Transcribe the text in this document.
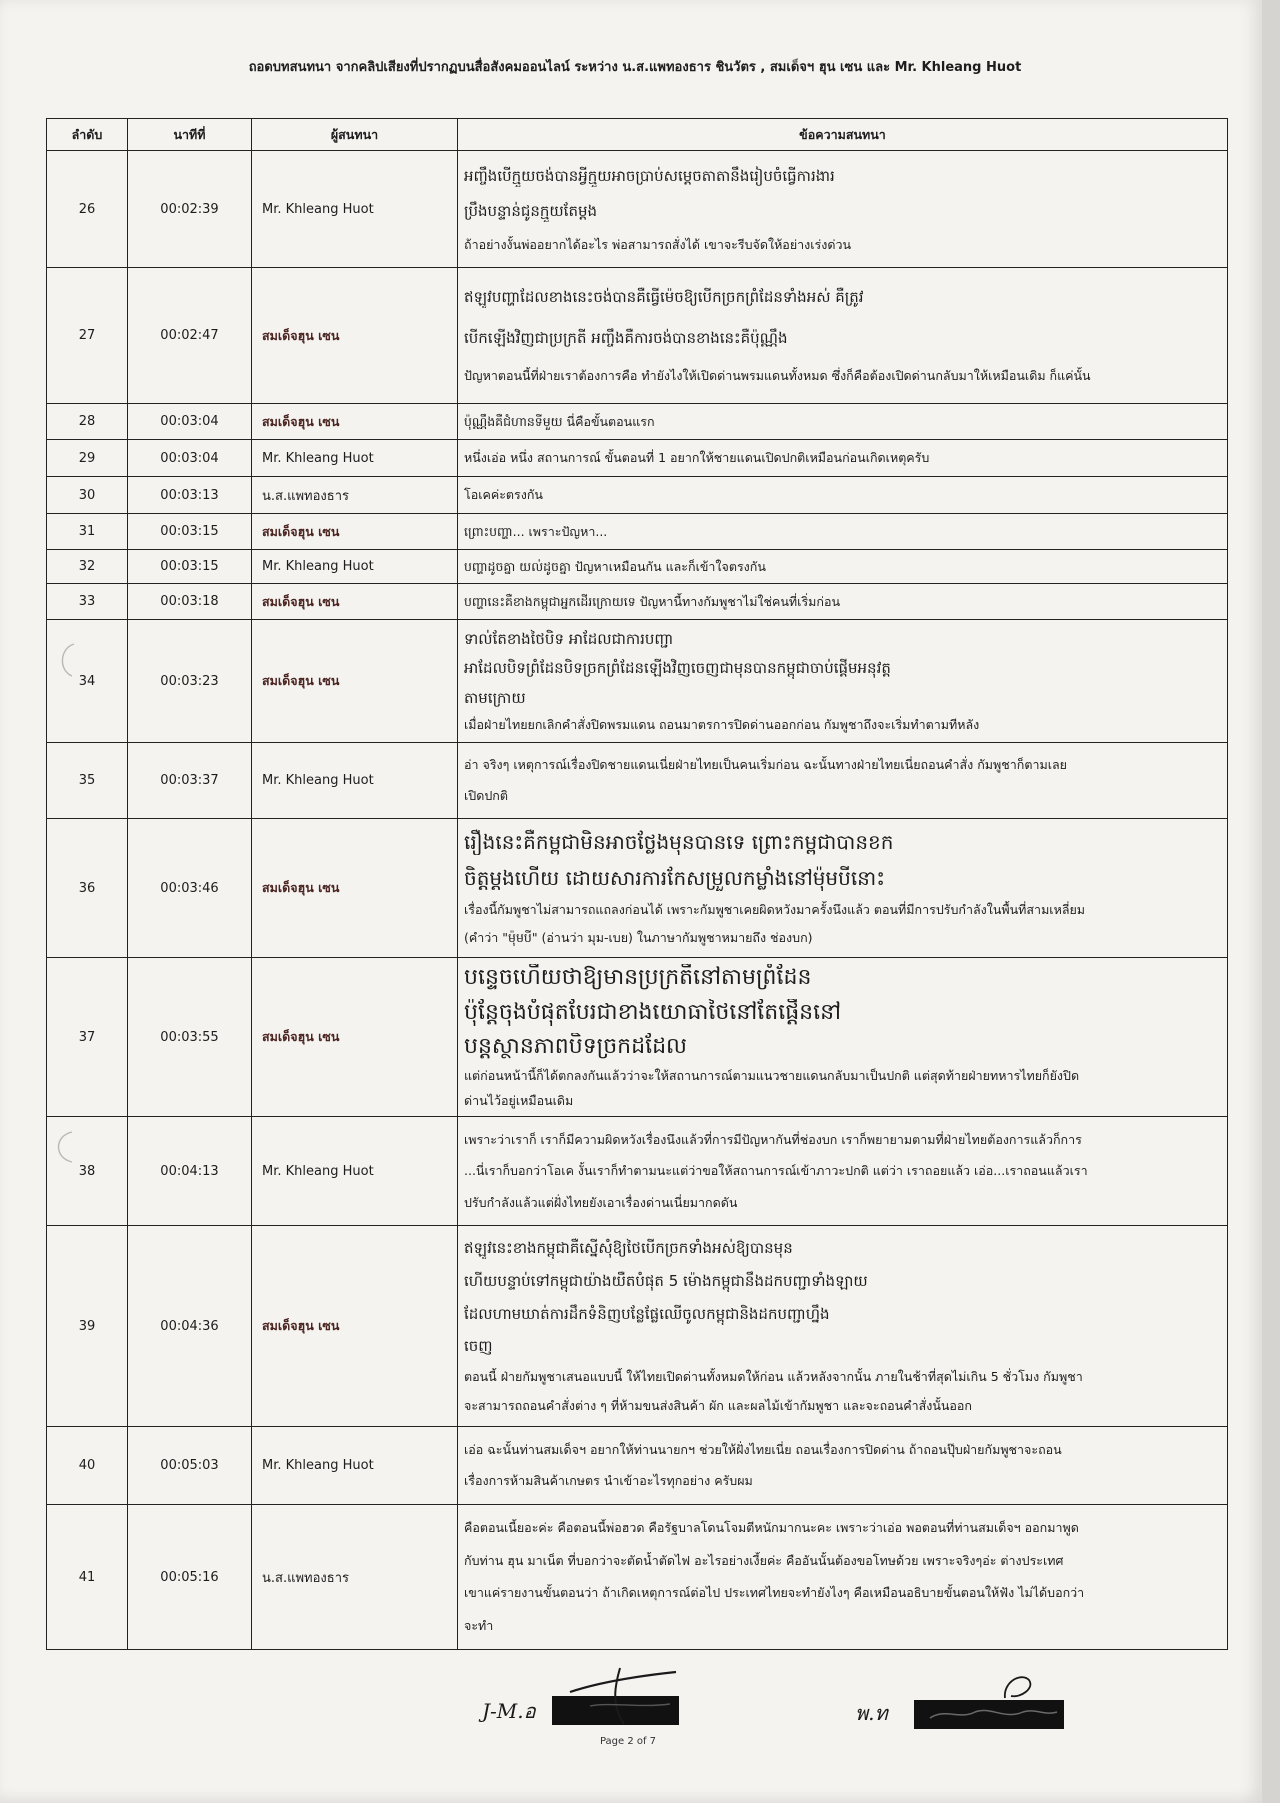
ถอดบทสนทนา จากคลิปเสียงที่ปรากฏบนสื่อสังคมออนไลน์ ระหว่าง น.ส.แพทองธาร ชินวัตร , สมเด็จฯ ฮุน เซน และ Mr. Khleang Huot
ลำดับ	นาทีที่	ผู้สนทนา	ข้อความสนทนา
26	00:02:39	Mr. Khleang Huot
អញ្ចឹងបើក្មួយចង់បានអ្វីក្មួយអាចប្រាប់សម្ដេចតាតានឹងរៀបចំធ្វើការងារ
ប្រឹងបន្ទាន់ជូនក្មួយតែម្ដង
ถ้าอย่างงั้นพ่ออยากได้อะไร พ่อสามารถสั่งได้ เขาจะรีบจัดให้อย่างเร่งด่วน
27	00:02:47	สมเด็จฮุน เซน
ឥឡូវបញ្ហាដែលខាងនេះចង់បានគឺធ្វើម៉េចឱ្យបើកច្រកព្រំដែនទាំងអស់ គឺត្រូវ
បើកឡើងវិញជាប្រក្រតី អញ្ចឹងគឺការចង់បានខាងនេះគឺប៉ុណ្ណឹង
ปัญหาตอนนี้ที่ฝ่ายเราต้องการคือ ทำยังไงให้เปิดด่านพรมแดนทั้งหมด ซึ่งก็คือต้องเปิดด่านกลับมาให้เหมือนเดิม ก็แค่นั้น
28	00:03:04	สมเด็จฮุน เซน	ប៉ុណ្ណឹងគឺជំហានទីមួយ นี่คือขั้นตอนแรก
29	00:03:04	Mr. Khleang Huot	หนึ่งเอ่อ หนึ่ง สถานการณ์ ขั้นตอนที่ 1 อยากให้ชายแดนเปิดปกติเหมือนก่อนเกิดเหตุครับ
30	00:03:13	น.ส.แพทองธาร	โอเคค่ะตรงกัน
31	00:03:15	สมเด็จฮุน เซน	ព្រោះបញ្ហា... เพราะปัญหา...
32	00:03:15	Mr. Khleang Huot	បញ្ហាដូចគ្នា យល់ដូចគ្នា ปัญหาเหมือนกัน และก็เข้าใจตรงกัน
33	00:03:18	สมเด็จฮุน เซน	បញ្ហានេះគឺខាងកម្ពុជាអ្នកដើរក្រោយទេ ปัญหานี้ทางกัมพูชาไม่ใช่คนที่เริ่มก่อน
34	00:03:23	สมเด็จฮุน เซน
ទាល់តែខាងថៃបិទ អាដែលជាការបញ្ជា
អាដែលបិទព្រំដែនបិទច្រកព្រំដែនឡើងវិញចេញជាមុនបានកម្ពុជាចាប់ផ្ដើមអនុវត្ត
តាមក្រោយ
เมื่อฝ่ายไทยยกเลิกคำสั่งปิดพรมแดน ถอนมาตรการปิดด่านออกก่อน กัมพูชาถึงจะเริ่มทำตามทีหลัง
35	00:03:37	Mr. Khleang Huot
อ่า จริงๆ เหตุการณ์เรื่องปิดชายแดนเนี่ยฝ่ายไทยเป็นคนเริ่มก่อน ฉะนั้นทางฝ่ายไทยเนี่ยถอนคำสั่ง กัมพูชาก็ตามเลย
เปิดปกติ
36	00:03:46	สมเด็จฮุน เซน
រឿងនេះគឺកម្ពុជាមិនអាចថ្លែងមុនបានទេ ព្រោះកម្ពុជាបានខក
ចិត្តម្ដងហើយ ដោយសារការកែសម្រួលកម្លាំងនៅម៉ុមបីនោះ
เรื่องนี้กัมพูชาไม่สามารถแถลงก่อนได้ เพราะกัมพูชาเคยผิดหวังมาครั้งนึงแล้ว ตอนที่มีการปรับกำลังในพื้นที่สามเหลี่ยม
(คำว่า "ម៉ុមបី" (อ่านว่า มุม-เบย) ในภาษากัมพูชาหมายถึง ช่องบก)
37	00:03:55	สมเด็จฮุน เซน
បន្ទេចហើយថាឱ្យមានប្រក្រតីនៅតាមព្រំដែន
ប៉ុន្តែចុងបំផុតបែរជាខាងយោធាថៃនៅតែផ្ដើននៅ
បន្តស្ថានភាពបិទច្រកដដែល
แต่ก่อนหน้านี้ก็ได้ตกลงกันแล้วว่าจะให้สถานการณ์ตามแนวชายแดนกลับมาเป็นปกติ แต่สุดท้ายฝ่ายทหารไทยก็ยังปิด
ด่านไว้อยู่เหมือนเดิม
38	00:04:13	Mr. Khleang Huot
เพราะว่าเราก็ เราก็มีความผิดหวังเรื่องนึงแล้วที่การมีปัญหากันที่ช่องบก เราก็พยายามตามที่ฝ่ายไทยต้องการแล้วก็การ
...นี่เราก็บอกว่าโอเค งั้นเราก็ทำตามนะแต่ว่าขอให้สถานการณ์เข้าภาวะปกติ แต่ว่า เราถอยแล้ว เอ่อ...เราถอนแล้วเรา
ปรับกำลังแล้วแต่ฝั่งไทยยังเอาเรื่องด่านเนี่ยมากดดัน
39	00:04:36	สมเด็จฮุน เซน
ឥឡូវនេះខាងកម្ពុជាគឺស្នើសុំឱ្យថៃបើកច្រកទាំងអស់ឱ្យបានមុន
ហើយបន្ទាប់ទៅកម្ពុជាយ៉ាងយឺតបំផុត 5 ម៉ោងកម្ពុជានឹងដកបញ្ជាទាំងឡាយ
ដែលហាមឃាត់ការដឹកទំនិញបន្លែផ្លែឈើចូលកម្ពុជានិងដកបញ្ជាហ្នឹង
ចេញ
ตอนนี้ ฝ่ายกัมพูชาเสนอแบบนี้ ให้ไทยเปิดด่านทั้งหมดให้ก่อน แล้วหลังจากนั้น ภายในช้าที่สุดไม่เกิน 5 ชั่วโมง กัมพูชา
จะสามารถถอนคำสั่งต่าง ๆ ที่ห้ามขนส่งสินค้า ผัก และผลไม้เข้ากัมพูชา และจะถอนคำสั่งนั้นออก
40	00:05:03	Mr. Khleang Huot
เอ่อ ฉะนั้นท่านสมเด็จฯ อยากให้ท่านนายกฯ ช่วยให้ฝั่งไทยเนี่ย ถอนเรื่องการปิดด่าน ถ้าถอนปุ๊บฝ่ายกัมพูชาจะถอน
เรื่องการห้ามสินค้าเกษตร นำเข้าอะไรทุกอย่าง ครับผม
41	00:05:16	น.ส.แพทองธาร
คือตอนเนี้ยอะค่ะ คือตอนนี้พ่อฮวด คือรัฐบาลโดนโจมตีหนักมากนะคะ เพราะว่าเอ่อ พอตอนที่ท่านสมเด็จฯ ออกมาพูด
กับท่าน ฮุน มาเน็ต ที่บอกว่าจะตัดน้ำตัดไฟ อะไรอย่างเงี้ยค่ะ คืออันนั้นต้องขอโทษด้วย เพราะจริงๆอ่ะ ต่างประเทศ
เขาแค่รายงานขั้นตอนว่า ถ้าเกิดเหตุการณ์ต่อไป ประเทศไทยจะทำยังไงๆ คือเหมือนอธิบายขั้นตอนให้ฟัง ไม่ได้บอกว่า
จะทำ
J-M.อ
Page 2 of 7
พ.ท
